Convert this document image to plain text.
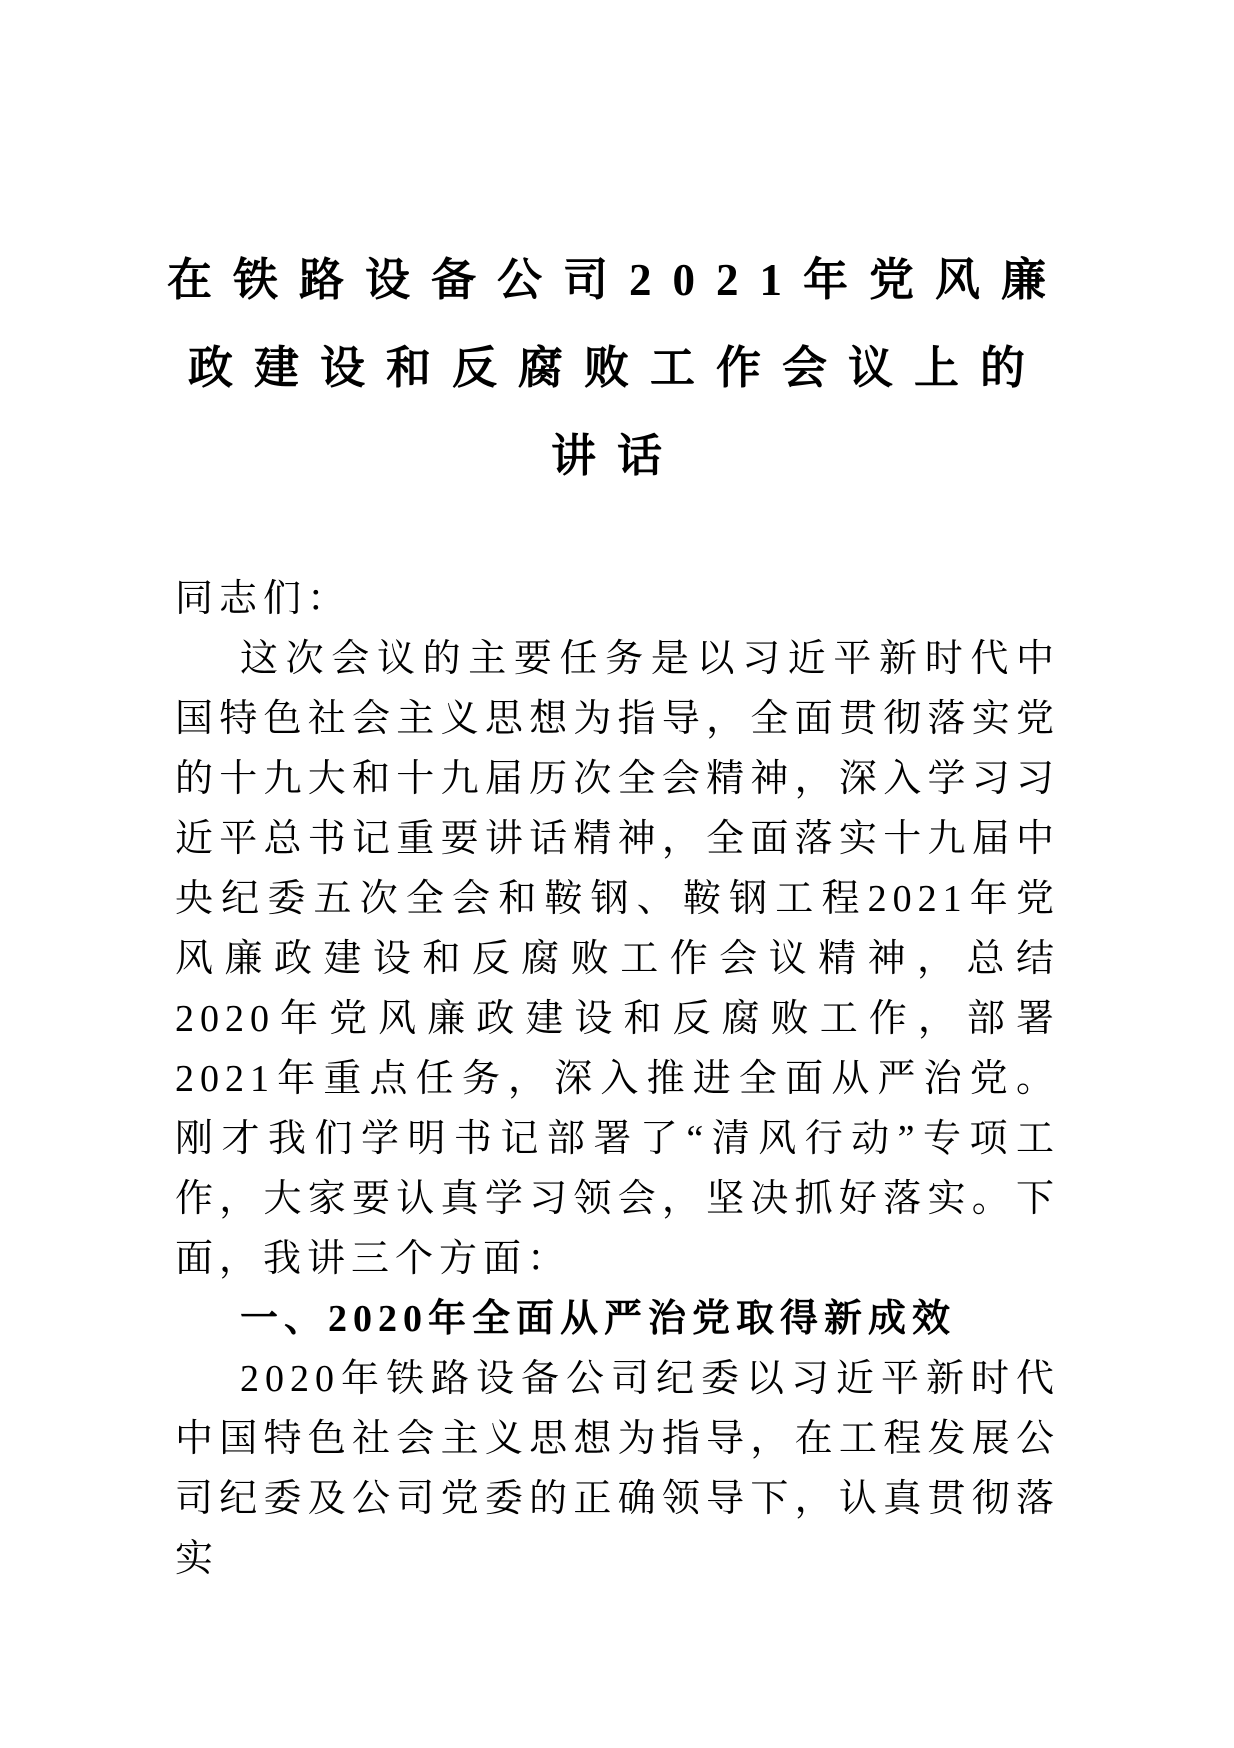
在铁路设备公司2021年党风廉
政建设和反腐败工作会议上的
讲话

同志们：

这次会议的主要任务是以习近平新时代中国特色社会主义思想为指导，全面贯彻落实党的十九大和十九届历次全会精神，深入学习习近平总书记重要讲话精神，全面落实十九届中央纪委五次全会和鞍钢、鞍钢工程2021年党风廉政建设和反腐败工作会议精神，总结2020年党风廉政建设和反腐败工作，部署2021年重点任务，深入推进全面从严治党。刚才我们学明书记部署了“清风行动”专项工作，大家要认真学习领会，坚决抓好落实。下面，我讲三个方面：

一、2020年全面从严治党取得新成效

2020年铁路设备公司纪委以习近平新时代中国特色社会主义思想为指导，在工程发展公司纪委及公司党委的正确领导下，认真贯彻落实
